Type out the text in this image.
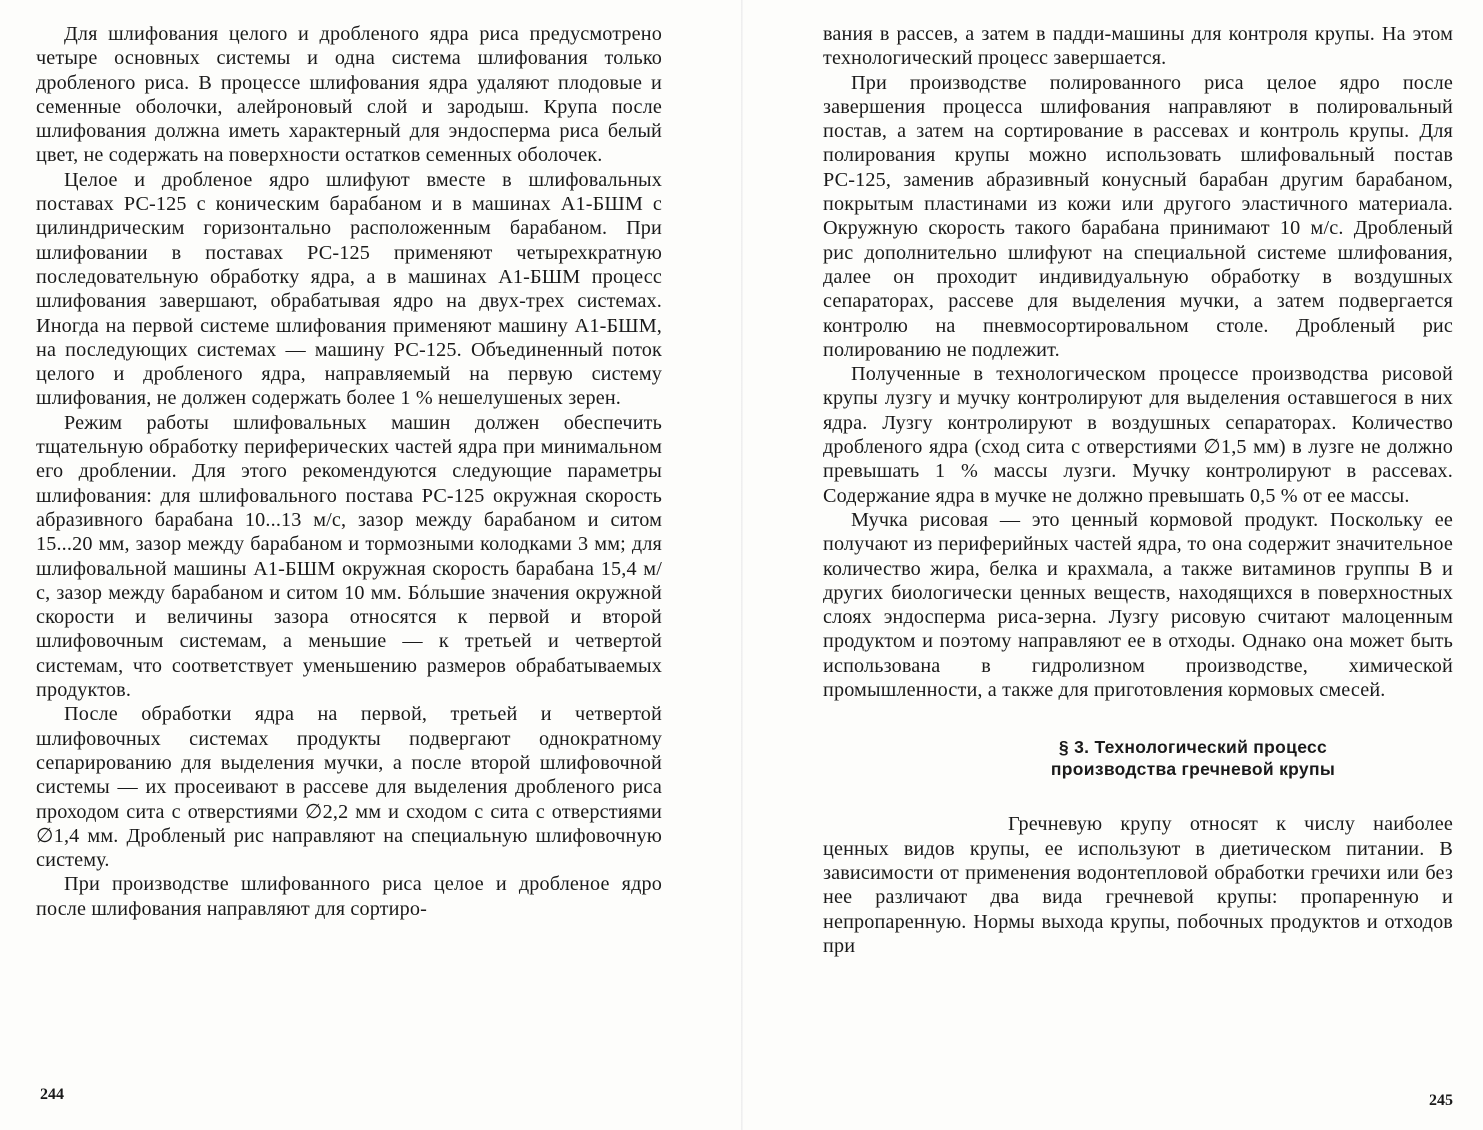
Для шлифования целого и дробленого ядра риса предусмотрено четыре основных системы и одна система шлифования только дробленого риса. В процессе шлифования ядра удаляют плодовые и семенные оболочки, алейроновый слой и зародыш. Крупа после шлифования должна иметь характерный для эндосперма риса белый цвет, не содержать на поверхности остатков семенных оболочек.

Целое и дробленое ядро шлифуют вместе в шлифовальных поставах РС-125 с коническим барабаном и в машинах А1-БШМ с цилиндрическим горизонтально расположенным барабаном. При шлифовании в поставах РС-125 применяют четырехкратную последовательную обработку ядра, а в машинах А1-БШМ процесс шлифования завершают, обрабатывая ядро на двух-трех системах. Иногда на первой системе шлифования применяют машину А1-БШМ, на последующих системах — машину РС-125. Объединенный поток целого и дробленого ядра, направляемый на первую систему шлифования, не должен содержать более 1 % нешелушеных зерен.

Режим работы шлифовальных машин должен обеспечить тщательную обработку периферических частей ядра при минимальном его дроблении. Для этого рекомендуются следующие параметры шлифования: для шлифовального постава РС-125 окружная скорость абразивного барабана 10...13 м/с, зазор между барабаном и ситом 15...20 мм, зазор между барабаном и тормозными колодками 3 мм; для шлифовальной машины А1-БШМ окружная скорость барабана 15,4 м/с, зазор между барабаном и ситом 10 мм. Бóльшие значения окружной скорости и величины зазора относятся к первой и второй шлифовочным системам, а меньшие — к третьей и четвертой системам, что соответствует уменьшению размеров обрабатываемых продуктов.

После обработки ядра на первой, третьей и четвертой шлифовочных системах продукты подвергают однократному сепарированию для выделения мучки, а после второй шлифовочной системы — их просеивают в рассеве для выделения дробленого риса проходом сита с отверстиями ∅2,2 мм и сходом с сита с отверстиями ∅1,4 мм. Дробленый рис направляют на специальную шлифовочную систему.

При производстве шлифованного риса целое и дробленое ядро после шлифования направляют для сортиро-

244

вания в рассев, а затем в падди-машины для контроля крупы. На этом технологический процесс завершается.

При производстве полированного риса целое ядро после завершения процесса шлифования направляют в полировальный постав, а затем на сортирование в рассевах и контроль крупы. Для полирования крупы можно использовать шлифовальный постав РС-125, заменив абразивный конусный барабан другим барабаном, покрытым пластинами из кожи или другого эластичного материала. Окружную скорость такого барабана принимают 10 м/с. Дробленый рис дополнительно шлифуют на специальной системе шлифования, далее он проходит индивидуальную обработку в воздушных сепараторах, рассеве для выделения мучки, а затем подвергается контролю на пневмосортировальном столе. Дробленый рис полированию не подлежит.

Полученные в технологическом процессе производства рисовой крупы лузгу и мучку контролируют для выделения оставшегося в них ядра. Лузгу контролируют в воздушных сепараторах. Количество дробленого ядра (сход сита с отверстиями ∅1,5 мм) в лузге не должно превышать 1 % массы лузги. Мучку контролируют в рассевах. Содержание ядра в мучке не должно превышать 0,5 % от ее массы.

Мучка рисовая — это ценный кормовой продукт. Поскольку ее получают из периферийных частей ядра, то она содержит значительное количество жира, белка и крахмала, а также витаминов группы В и других биологически ценных веществ, находящихся в поверхностных слоях эндосперма риса-зерна. Лузгу рисовую считают малоценным продуктом и поэтому направляют ее в отходы. Однако она может быть использована в гидролизном производстве, химической промышленности, а также для приготовления кормовых смесей.

§ 3. Технологический процесс
производства гречневой крупы

Гречневую крупу относят к числу наиболее ценных видов крупы, ее используют в диетическом питании. В зависимости от применения водонтепловой обработки гречихи или без нее различают два вида гречневой крупы: пропаренную и непропаренную. Нормы выхода крупы, побочных продуктов и отходов при

245
